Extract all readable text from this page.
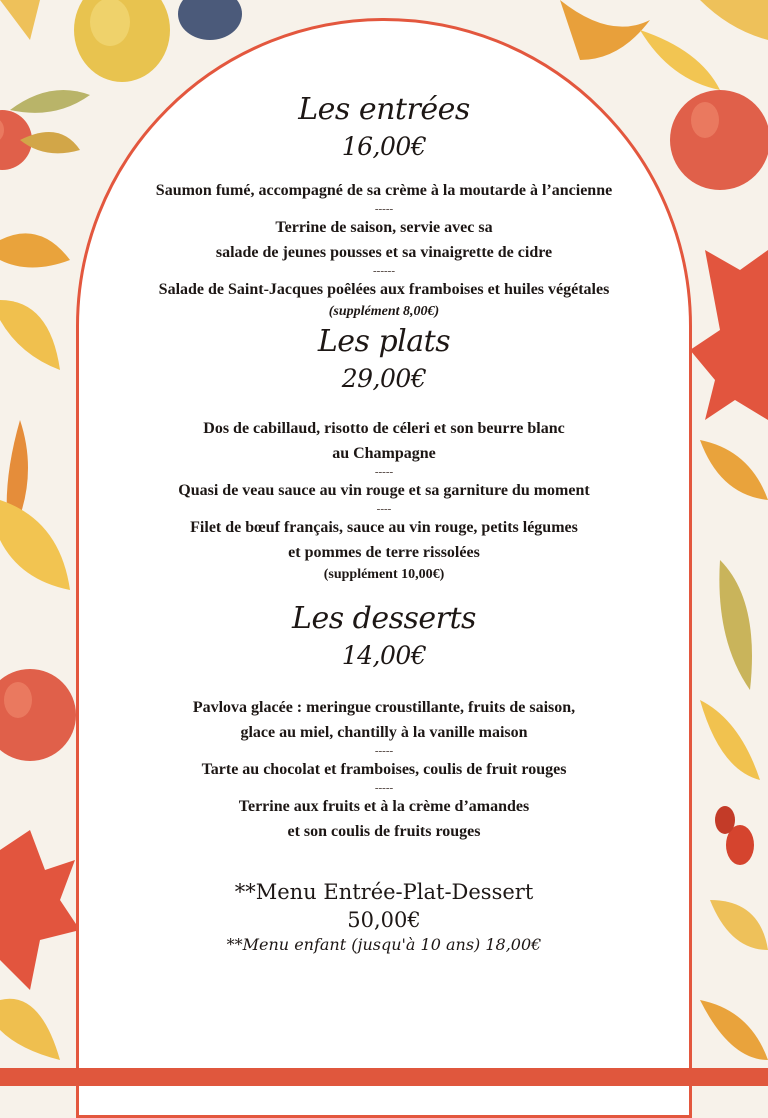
Les entrées

16,00€

Saumon fumé, accompagné de sa crème à la moutarde à l’ancienne

-----

Terrine de saison, servie avec sa

salade de jeunes pousses et sa vinaigrette de cidre

------

Salade de Saint-Jacques poêlées aux framboises et huiles végétales

(supplément 8,00€)

Les plats

29,00€

Dos de cabillaud, risotto de céleri et son beurre blanc

au Champagne

-----

Quasi de veau sauce au vin rouge et sa garniture du moment

----

Filet de bœuf français, sauce au vin rouge, petits légumes

et pommes de terre rissolées

(supplément 10,00€)

Les desserts

14,00€

Pavlova glacée : meringue croustillante, fruits de saison,

glace au miel, chantilly à la vanille maison

-----

Tarte au chocolat et framboises, coulis de fruit rouges

-----

Terrine aux fruits et à la crème d’amandes

et son coulis de fruits rouges

**Menu Entrée-Plat-Dessert

50,00€

**Menu enfant (jusqu'à 10 ans) 18,00€
